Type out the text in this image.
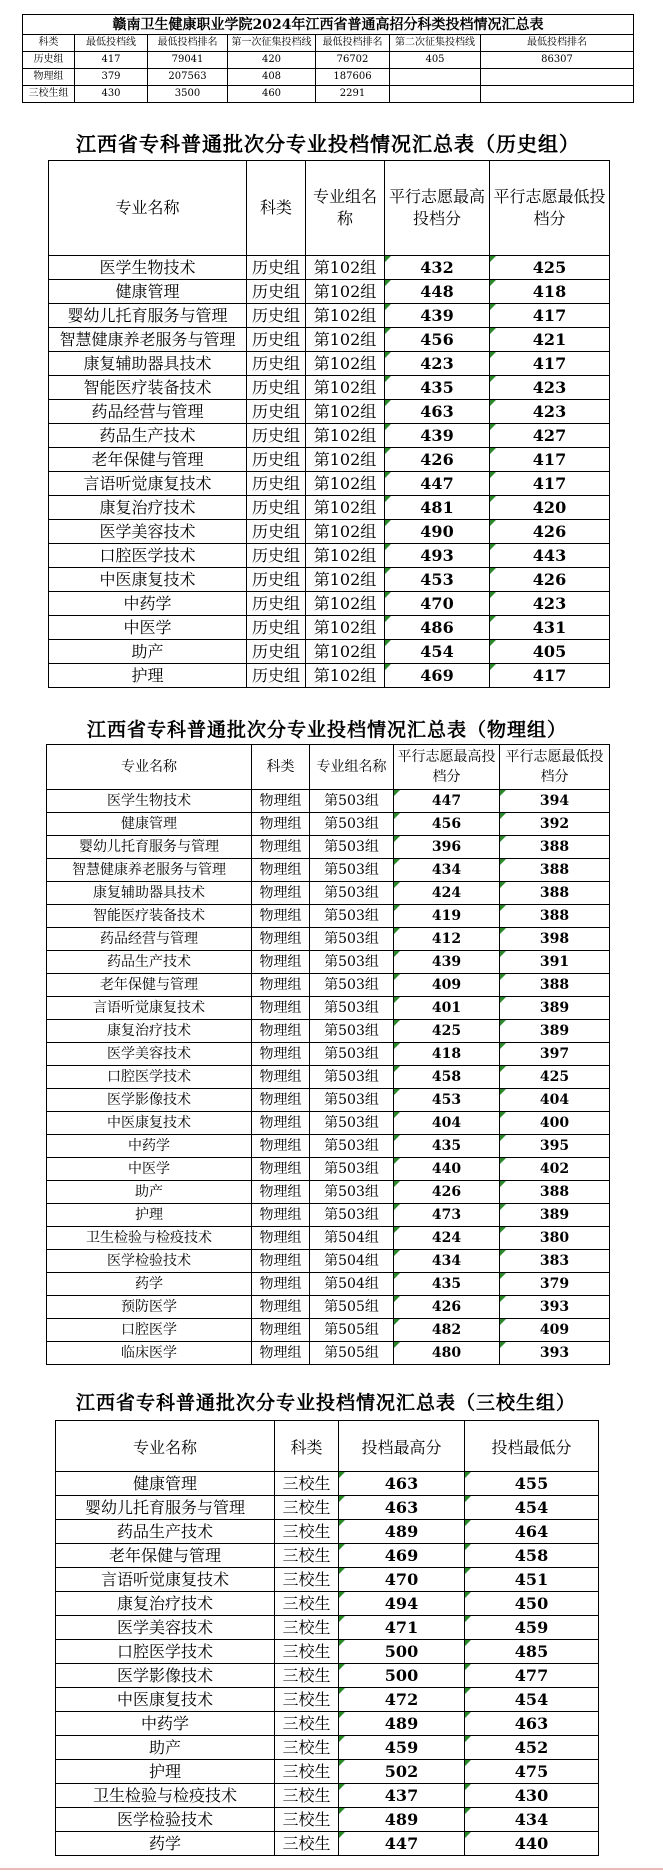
赣南卫生健康职业学院2024年江西省普通高招分科类投档情况汇总表
科类	最低投档线	最低投档排名	第一次征集投档线	最低投档排名	第二次征集投档线	最低投档排名
历史组	417	79041	420	76702	405	86307
物理组	379	207563	408	187606		
三校生组	430	3500	460	2291		
江西省专科普通批次分专业投档情况汇总表（历史组）
专业名称	科类	专业组名称	平行志愿最高投档分	平行志愿最低投档分
医学生物技术	历史组	第102组	432	425
健康管理	历史组	第102组	448	418
婴幼儿托育服务与管理	历史组	第102组	439	417
智慧健康养老服务与管理	历史组	第102组	456	421
康复辅助器具技术	历史组	第102组	423	417
智能医疗装备技术	历史组	第102组	435	423
药品经营与管理	历史组	第102组	463	423
药品生产技术	历史组	第102组	439	427
老年保健与管理	历史组	第102组	426	417
言语听觉康复技术	历史组	第102组	447	417
康复治疗技术	历史组	第102组	481	420
医学美容技术	历史组	第102组	490	426
口腔医学技术	历史组	第102组	493	443
中医康复技术	历史组	第102组	453	426
中药学	历史组	第102组	470	423
中医学	历史组	第102组	486	431
助产	历史组	第102组	454	405
护理	历史组	第102组	469	417
江西省专科普通批次分专业投档情况汇总表（物理组）
专业名称	科类	专业组名称	平行志愿最高投档分	平行志愿最低投档分
医学生物技术	物理组	第503组	447	394
健康管理	物理组	第503组	456	392
婴幼儿托育服务与管理	物理组	第503组	396	388
智慧健康养老服务与管理	物理组	第503组	434	388
康复辅助器具技术	物理组	第503组	424	388
智能医疗装备技术	物理组	第503组	419	388
药品经营与管理	物理组	第503组	412	398
药品生产技术	物理组	第503组	439	391
老年保健与管理	物理组	第503组	409	388
言语听觉康复技术	物理组	第503组	401	389
康复治疗技术	物理组	第503组	425	389
医学美容技术	物理组	第503组	418	397
口腔医学技术	物理组	第503组	458	425
医学影像技术	物理组	第503组	453	404
中医康复技术	物理组	第503组	404	400
中药学	物理组	第503组	435	395
中医学	物理组	第503组	440	402
助产	物理组	第503组	426	388
护理	物理组	第503组	473	389
卫生检验与检疫技术	物理组	第504组	424	380
医学检验技术	物理组	第504组	434	383
药学	物理组	第504组	435	379
预防医学	物理组	第505组	426	393
口腔医学	物理组	第505组	482	409
临床医学	物理组	第505组	480	393
江西省专科普通批次分专业投档情况汇总表（三校生组）
专业名称	科类	投档最高分	投档最低分
健康管理	三校生	463	455
婴幼儿托育服务与管理	三校生	463	454
药品生产技术	三校生	489	464
老年保健与管理	三校生	469	458
言语听觉康复技术	三校生	470	451
康复治疗技术	三校生	494	450
医学美容技术	三校生	471	459
口腔医学技术	三校生	500	485
医学影像技术	三校生	500	477
中医康复技术	三校生	472	454
中药学	三校生	489	463
助产	三校生	459	452
护理	三校生	502	475
卫生检验与检疫技术	三校生	437	430
医学检验技术	三校生	489	434
药学	三校生	447	440
